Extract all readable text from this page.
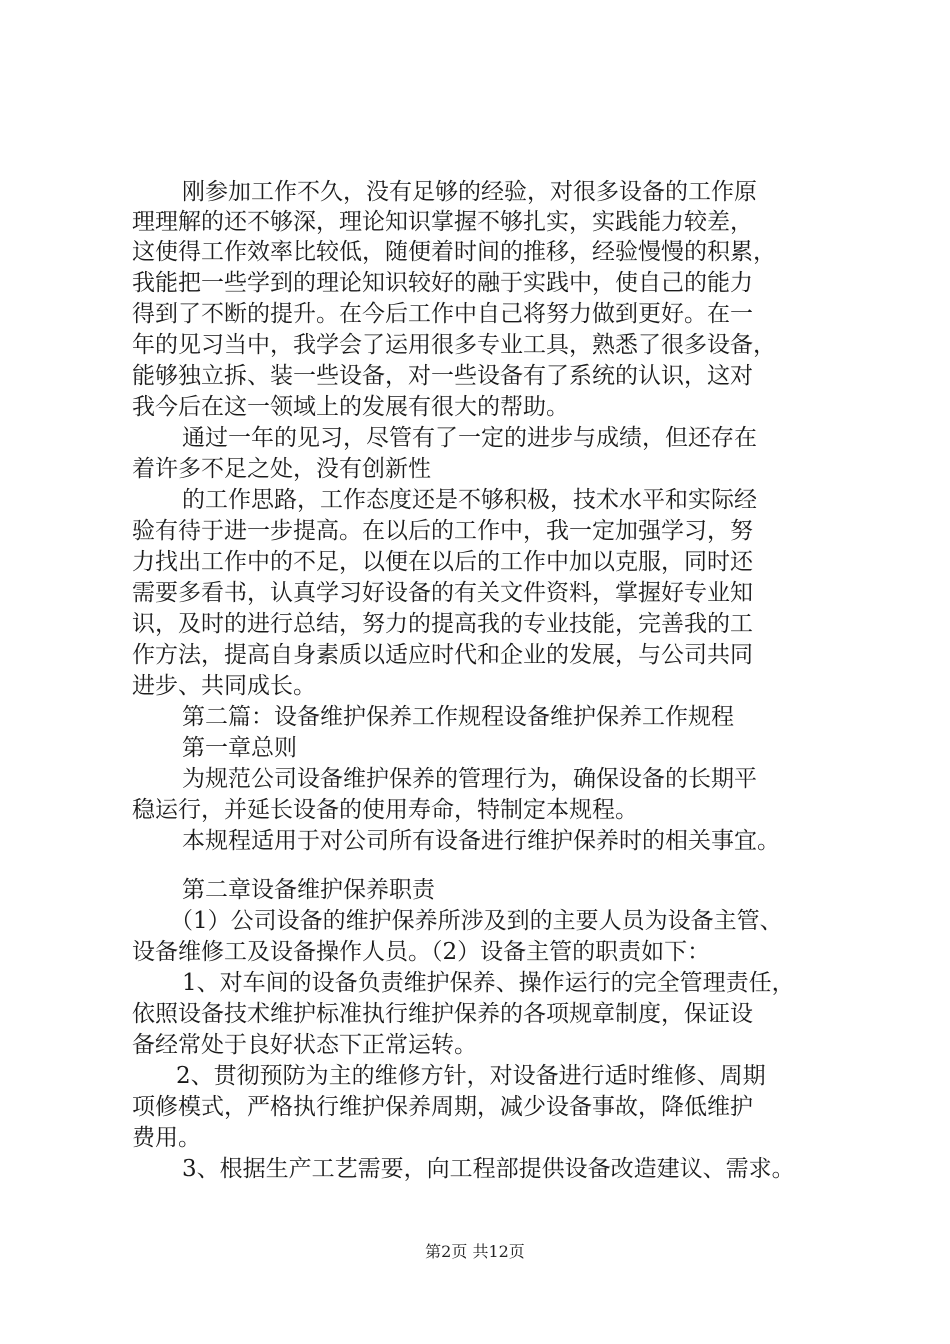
刚参加工作不久，没有足够的经验，对很多设备的工作原
理理解的还不够深，理论知识掌握不够扎实，实践能力较差，
这使得工作效率比较低，随便着时间的推移，经验慢慢的积累，
我能把一些学到的理论知识较好的融于实践中，使自己的能力
得到了不断的提升。在今后工作中自己将努力做到更好。在一
年的见习当中，我学会了运用很多专业工具，熟悉了很多设备，
能够独立拆、装一些设备，对一些设备有了系统的认识，这对
我今后在这一领域上的发展有很大的帮助。
通过一年的见习，尽管有了一定的进步与成绩，但还存在
着许多不足之处，没有创新性
的工作思路，工作态度还是不够积极，技术水平和实际经
验有待于进一步提高。在以后的工作中，我一定加强学习，努
力找出工作中的不足，以便在以后的工作中加以克服，同时还
需要多看书，认真学习好设备的有关文件资料，掌握好专业知
识，及时的进行总结，努力的提高我的专业技能，完善我的工
作方法，提高自身素质以适应时代和企业的发展，与公司共同
进步、共同成长。
第二篇：设备维护保养工作规程设备维护保养工作规程
第一章总则
为规范公司设备维护保养的管理行为，确保设备的长期平
稳运行，并延长设备的使用寿命，特制定本规程。
本规程适用于对公司所有设备进行维护保养时的相关事宜。
第二章设备维护保养职责
（1）公司设备的维护保养所涉及到的主要人员为设备主管、
设备维修工及设备操作人员。（2）设备主管的职责如下：
1、对车间的设备负责维护保养、操作运行的完全管理责任，
依照设备技术维护标准执行维护保养的各项规章制度，保证设
备经常处于良好状态下正常运转。
2、贯彻预防为主的维修方针，对设备进行适时维修、周期
项修模式，严格执行维护保养周期，减少设备事故，降低维护
费用。
3、根据生产工艺需要，向工程部提供设备改造建议、需求。
第2页 共12页
